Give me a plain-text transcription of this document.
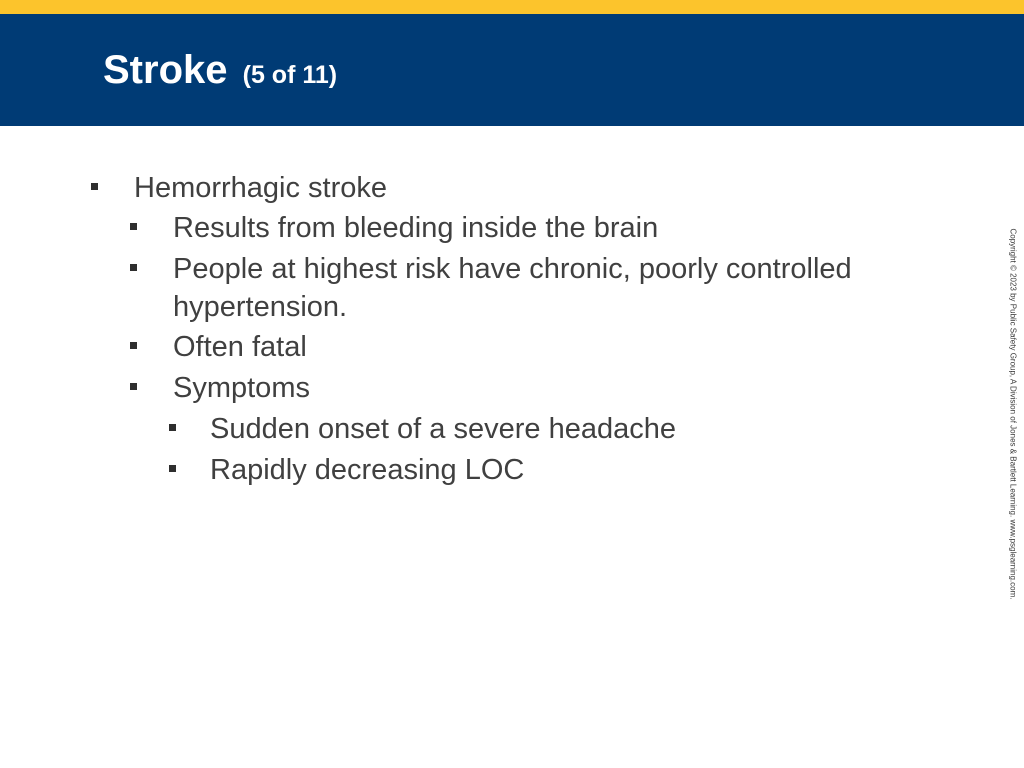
Stroke (5 of 11)
Hemorrhagic stroke
Results from bleeding inside the brain
People at highest risk have chronic, poorly controlled hypertension.
Often fatal
Symptoms
Sudden onset of a severe headache
Rapidly decreasing LOC	Copyright © 2023 by Public Safety Group, A Division of Jones & Bartlett Learning. www.psglearning.com.
